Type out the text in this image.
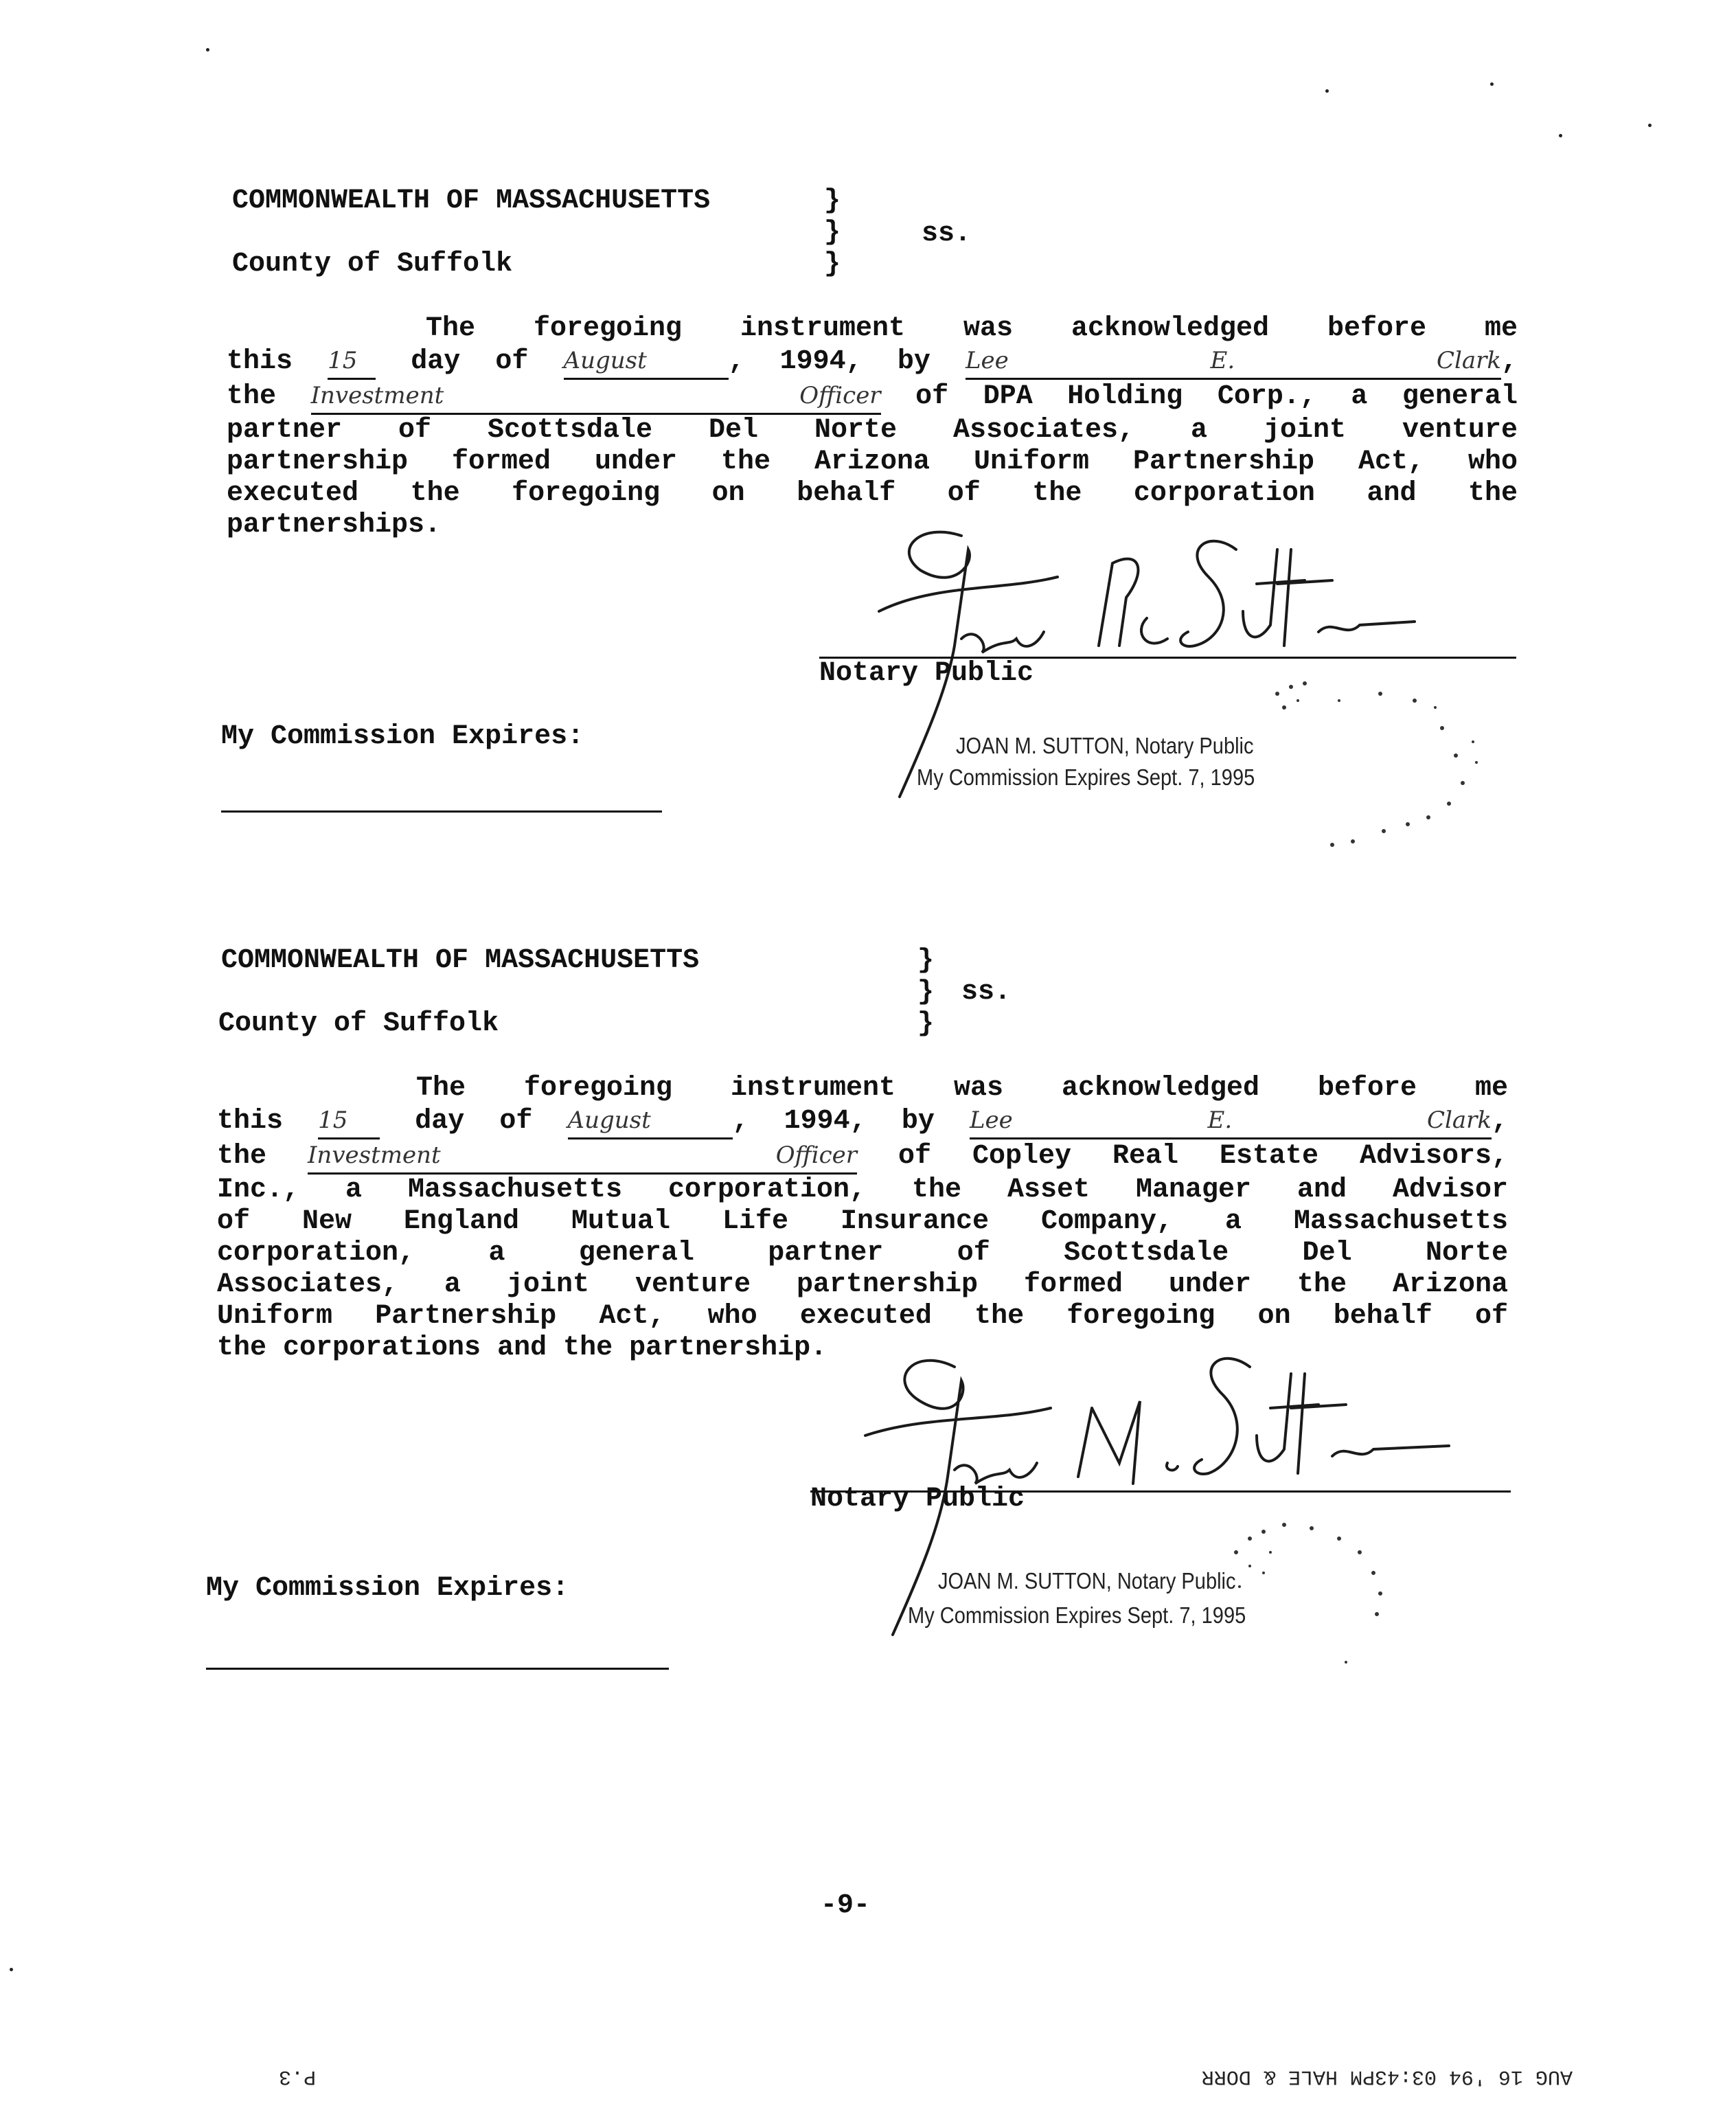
COMMONWEALTH OF MASSACHUSETTS	}
}
}
ss.
County of Suffolk
The foregoing instrument was acknowledged before me
this 15 day of August	, 1994, by Lee E. Clark,
the Investment Officer of DPA Holding Corp., a general
partner of Scottsdale Del Norte Associates, a joint venture
partnership formed under the Arizona Uniform Partnership Act, who
executed the foregoing on behalf of the corporation and the
partnerships.
Notary Public
My Commission Expires:	JOAN M. SUTTON, Notary Public
My Commission Expires Sept. 7, 1995
COMMONWEALTH OF MASSACHUSETTS	}
}
}
ss.
County of Suffolk
The foregoing instrument was acknowledged before me
this 15 day of August	, 1994, by Lee E. Clark,
the Investment Officer of Copley Real Estate Advisors,
Inc., a Massachusetts corporation, the Asset Manager and Advisor
of New England Mutual Life Insurance Company, a Massachusetts
corporation, a general partner of Scottsdale Del Norte
Associates, a joint venture partnership formed under the Arizona
Uniform Partnership Act, who executed the foregoing on behalf of
the corporations and the partnership.
Notary Public
My Commission Expires:	JOAN M. SUTTON, Notary Public
My Commission Expires Sept. 7, 1995
-9-
P.3	AUG 16 '94 03:43PM HALE & DORR
